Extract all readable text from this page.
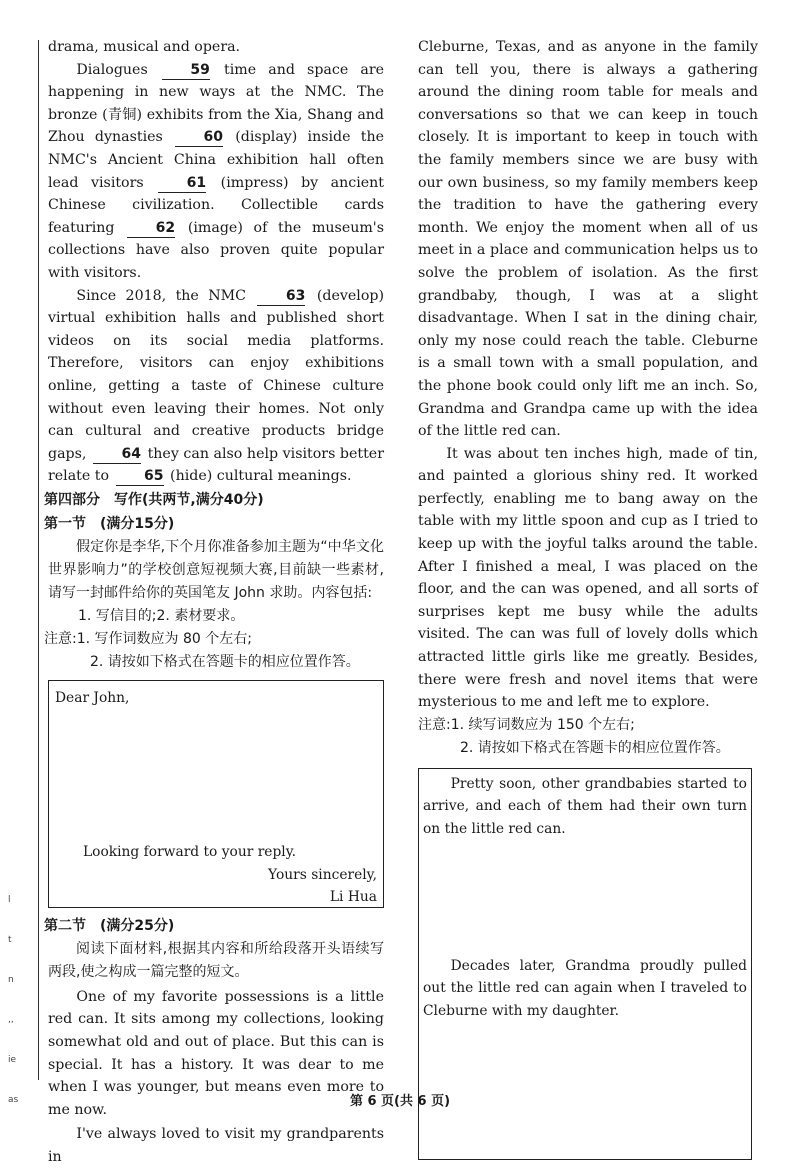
l
t
n
,,
ie
as

drama, musical and opera.

Dialogues 59 time and space are happening in new ways at the NMC. The bronze (青铜) exhibits from the Xia, Shang and Zhou dynasties 60 (display) inside the NMC's Ancient China exhibition hall often lead visitors 61 (impress) by ancient Chinese civilization. Collectible cards featuring 62 (image) of the museum's collections have also proven quite popular with visitors.

Since 2018, the NMC 63 (develop) virtual exhibition halls and published short videos on its social media platforms. Therefore, visitors can enjoy exhibitions online, getting a taste of Chinese culture without even leaving their homes. Not only can cultural and creative products bridge gaps, 64 they can also help visitors better relate to 65 (hide) cultural meanings.

第四部分　写作(共两节,满分40分)
第一节　(满分15分)
假定你是李华,下个月你准备参加主题为“中华文化世界影响力”的学校创意短视频大赛,目前缺一些素材,请写一封邮件给你的英国笔友 John 求助。内容包括:
1. 写信目的;2. 素材要求。
注意:1. 写作词数应为 80 个左右;
2. 请按如下格式在答题卡的相应位置作答。

Dear John,

Looking forward to your reply.

Yours sincerely,

Li Hua

第二节　(满分25分)
阅读下面材料,根据其内容和所给段落开头语续写两段,使之构成一篇完整的短文。

One of my favorite possessions is a little red can. It sits among my collections, looking somewhat old and out of place. But this can is special. It has a history. It was dear to me when I was younger, but means even more to me now.

I've always loved to visit my grandparents in

Cleburne, Texas, and as anyone in the family can tell you, there is always a gathering around the dining room table for meals and conversations so that we can keep in touch closely. It is important to keep in touch with the family members since we are busy with our own business, so my family members keep the tradition to have the gathering every month. We enjoy the moment when all of us meet in a place and communication helps us to solve the problem of isolation. As the first grandbaby, though, I was at a slight disadvantage. When I sat in the dining chair, only my nose could reach the table. Cleburne is a small town with a small population, and the phone book could only lift me an inch. So, Grandma and Grandpa came up with the idea of the little red can.

It was about ten inches high, made of tin, and painted a glorious shiny red. It worked perfectly, enabling me to bang away on the table with my little spoon and cup as I tried to keep up with the joyful talks around the table. After I finished a meal, I was placed on the floor, and the can was opened, and all sorts of surprises kept me busy while the adults visited. The can was full of lovely dolls which attracted little girls like me greatly. Besides, there were fresh and novel items that were mysterious to me and left me to explore.

注意:1. 续写词数应为 150 个左右;
2. 请按如下格式在答题卡的相应位置作答。

Pretty soon, other grandbabies started to arrive, and each of them had their own turn on the little red can.

Decades later, Grandma proudly pulled out the little red can again when I traveled to Cleburne with my daughter.

第 6 页(共 6 页)
